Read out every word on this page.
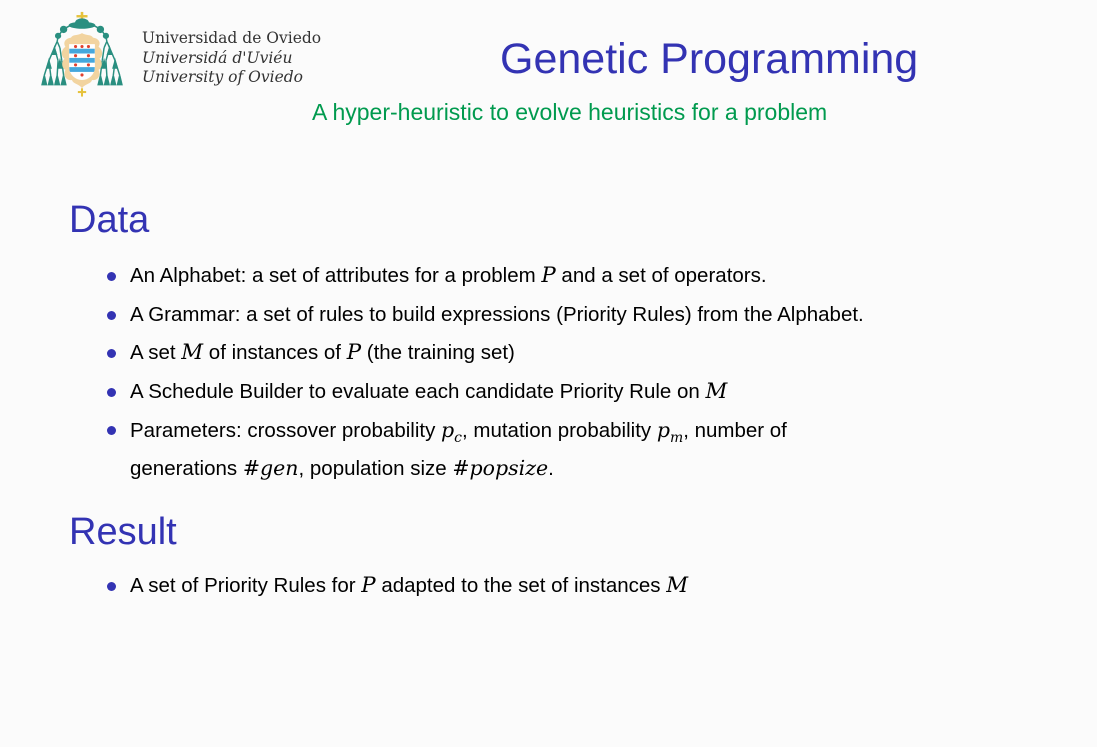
Universidad de Oviedo
Universidá d'Uviéu
University of Oviedo	Genetic Programming
A hyper-heuristic to evolve heuristics for a problem
Data
An Alphabet: a set of attributes for a problem P and a set of operators.
A Grammar: a set of rules to build expressions (Priority Rules) from the Alphabet.
A set M of instances of P (the training set)
A Schedule Builder to evaluate each candidate Priority Rule on M
Parameters: crossover probability $p_c$, mutation probability $p_m$, number of
generations #gen, population size #popsize.
Result
A set of Priority Rules for P adapted to the set of instances M
